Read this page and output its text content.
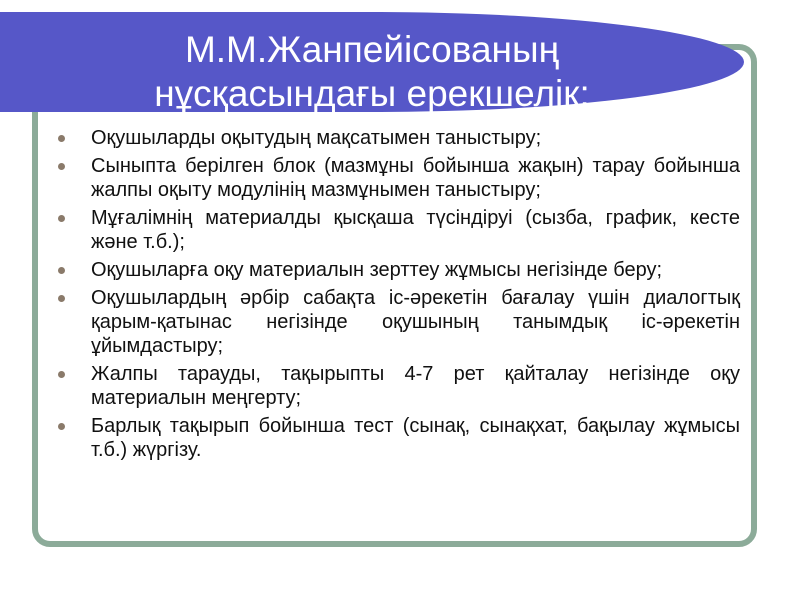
М.М.Жанпейісованың
нұсқасындағы ерекшелік:
Оқушыларды оқытудың мақсатымен таныстыру;
Сыныпта берілген блок (мазмұны бойынша жақын) тарау бойынша жалпы оқыту модулінің мазмұнымен таныстыру;
Мұғалімнің материалды қысқаша түсіндіруі (сызба, график, кесте және т.б.);
Оқушыларға оқу материалын зерттеу жұмысы негізінде беру;
Оқушылардың әрбір сабақта іс-әрекетін бағалау үшін диалогтық қарым-қатынас негізінде оқушының танымдық іс-әрекетін ұйымдастыру;
Жалпы тарауды, тақырыпты 4-7 рет қайталау негізінде оқу материалын меңгерту;
Барлық тақырып бойынша тест (сынақ, сынақхат, бақылау жұмысы т.б.) жүргізу.
